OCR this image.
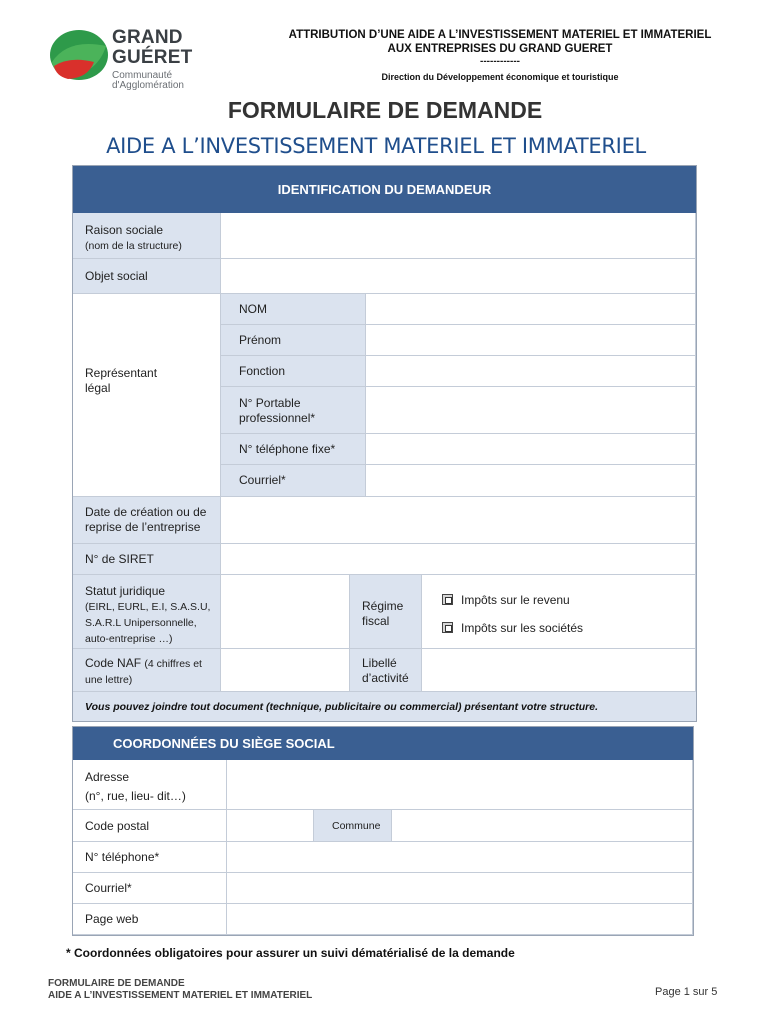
GRAND
GUÉRET
Communauté
d'Agglomération
ATTRIBUTION D’UNE AIDE A L’INVESTISSEMENT MATERIEL ET IMMATERIEL
AUX ENTREPRISES DU GRAND GUERET
------------
Direction du Développement économique et touristique
FORMULAIRE DE DEMANDE
AIDE A L’INVESTISSEMENT MATERIEL ET IMMATERIEL
IDENTIFICATION DU DEMANDEUR
Raison sociale
(nom de la structure)
Objet social
Représentant
légal
NOM
Prénom
Fonction
N° Portable
professionnel*
N° téléphone fixe*
Courriel*
Date de création ou de
reprise de l’entreprise
N° de SIRET
Statut juridique
(EIRL, EURL, E.I, S.A.S.U,
S.A.R.L Unipersonnelle,
auto-entreprise …)
Régime
fiscal
Impôts sur le revenu
Impôts sur les sociétés
Code NAF (4 chiffres et
une lettre)
Libellé
d’activité
Vous pouvez joindre tout document (technique, publicitaire ou commercial) présentant votre structure.
COORDONNÉES DU SIÈGE SOCIAL
Adresse
(n°, rue, lieu- dit…)
Code postal	Commune
N° téléphone*
Courriel*
Page web
* Coordonnées obligatoires pour assurer un suivi dématérialisé de la demande
FORMULAIRE DE DEMANDE
AIDE A L’INVESTISSEMENT MATERIEL ET IMMATERIEL	Page 1 sur 5
